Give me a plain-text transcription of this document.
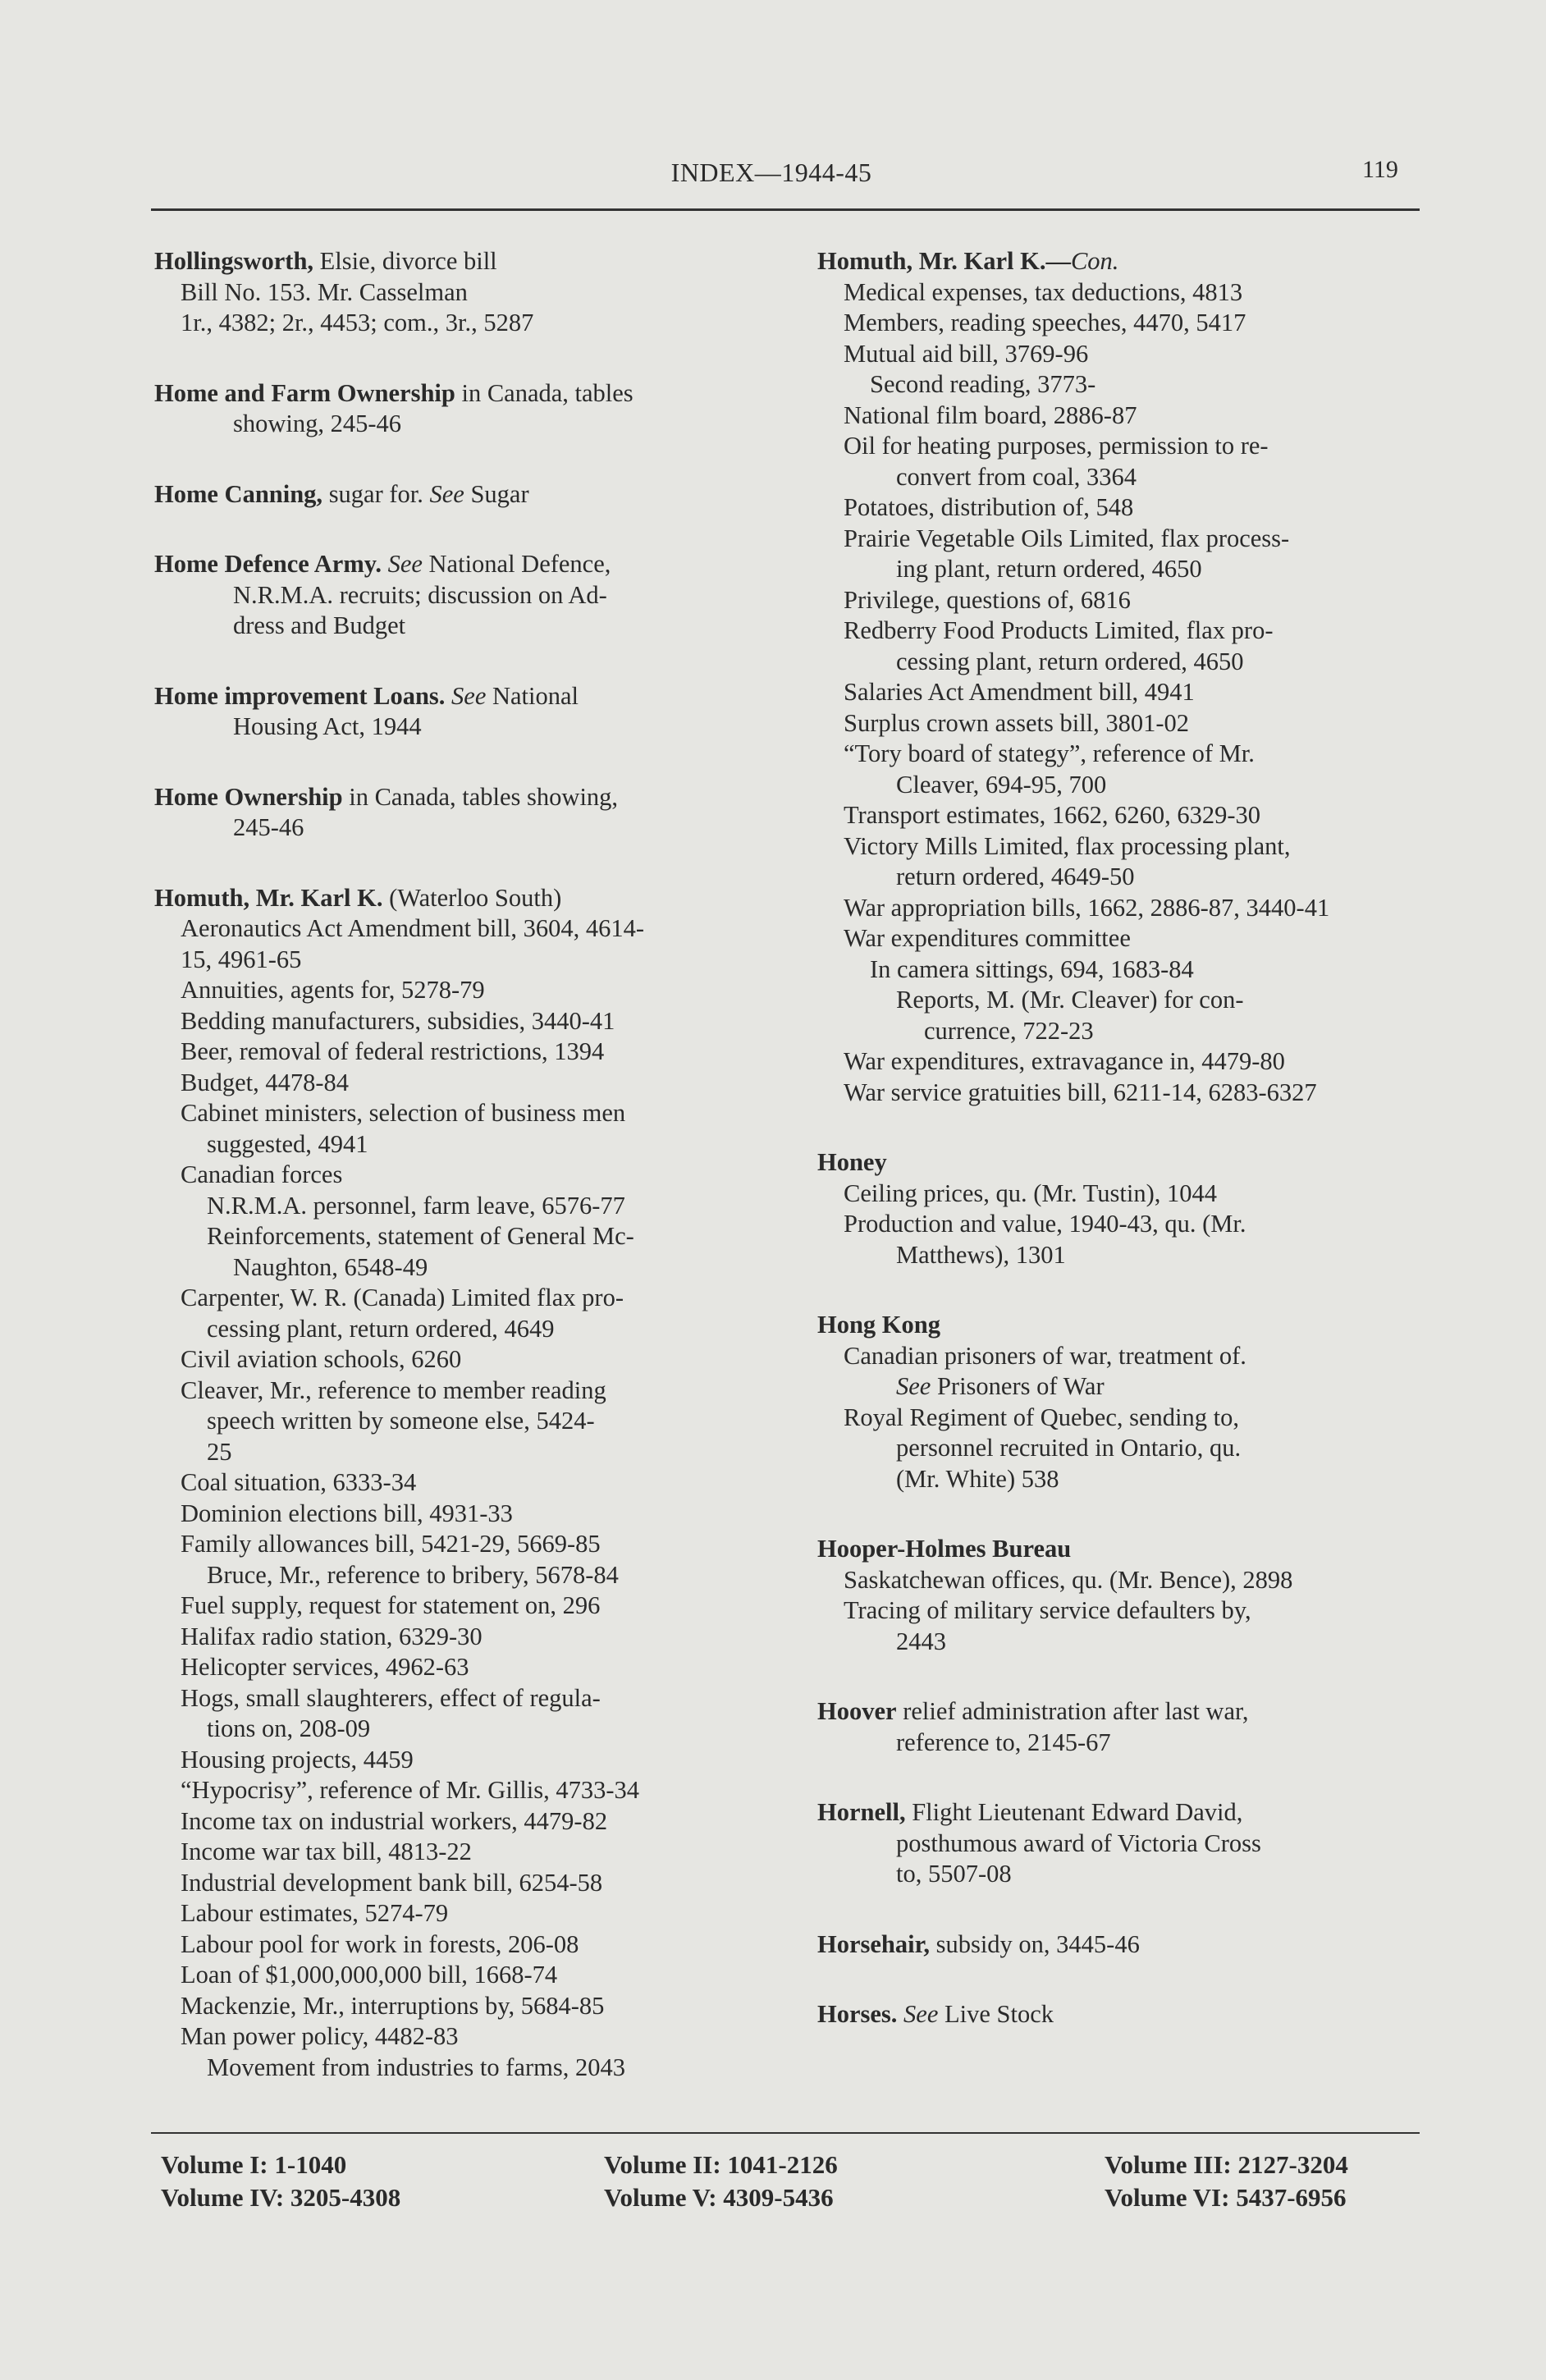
INDEX—1944-45	119
Hollingsworth, Elsie, divorce bill
Bill No. 153. Mr. Casselman
1r., 4382; 2r., 4453; com., 3r., 5287
Home and Farm Ownership in Canada, tables
showing, 245-46
Home Canning, sugar for. See Sugar
Home Defence Army. See National Defence,
N.R.M.A. recruits; discussion on Ad-
dress and Budget
Home improvement Loans. See National
Housing Act, 1944
Home Ownership in Canada, tables showing,
245-46
Homuth, Mr. Karl K. (Waterloo South)
Aeronautics Act Amendment bill, 3604, 4614-
15, 4961-65
Annuities, agents for, 5278-79
Bedding manufacturers, subsidies, 3440-41
Beer, removal of federal restrictions, 1394
Budget, 4478-84
Cabinet ministers, selection of business men
suggested, 4941
Canadian forces
N.R.M.A. personnel, farm leave, 6576-77
Reinforcements, statement of General Mc-
Naughton, 6548-49
Carpenter, W. R. (Canada) Limited flax pro-
cessing plant, return ordered, 4649
Civil aviation schools, 6260
Cleaver, Mr., reference to member reading
speech written by someone else, 5424-
25
Coal situation, 6333-34
Dominion elections bill, 4931-33
Family allowances bill, 5421-29, 5669-85
Bruce, Mr., reference to bribery, 5678-84
Fuel supply, request for statement on, 296
Halifax radio station, 6329-30
Helicopter services, 4962-63
Hogs, small slaughterers, effect of regula-
tions on, 208-09
Housing projects, 4459
“Hypocrisy”, reference of Mr. Gillis, 4733-34
Income tax on industrial workers, 4479-82
Income war tax bill, 4813-22
Industrial development bank bill, 6254-58
Labour estimates, 5274-79
Labour pool for work in forests, 206-08
Loan of $1,000,000,000 bill, 1668-74
Mackenzie, Mr., interruptions by, 5684-85
Man power policy, 4482-83
Movement from industries to farms, 2043
Homuth, Mr. Karl K.—Con.
Medical expenses, tax deductions, 4813
Members, reading speeches, 4470, 5417
Mutual aid bill, 3769-96
Second reading, 3773-
National film board, 2886-87
Oil for heating purposes, permission to re-
convert from coal, 3364
Potatoes, distribution of, 548
Prairie Vegetable Oils Limited, flax process-
ing plant, return ordered, 4650
Privilege, questions of, 6816
Redberry Food Products Limited, flax pro-
cessing plant, return ordered, 4650
Salaries Act Amendment bill, 4941
Surplus crown assets bill, 3801-02
“Tory board of stategy”, reference of Mr.
Cleaver, 694-95, 700
Transport estimates, 1662, 6260, 6329-30
Victory Mills Limited, flax processing plant,
return ordered, 4649-50
War appropriation bills, 1662, 2886-87, 3440-41
War expenditures committee
In camera sittings, 694, 1683-84
Reports, M. (Mr. Cleaver) for con-
currence, 722-23
War expenditures, extravagance in, 4479-80
War service gratuities bill, 6211-14, 6283-6327
Honey
Ceiling prices, qu. (Mr. Tustin), 1044
Production and value, 1940-43, qu. (Mr.
Matthews), 1301
Hong Kong
Canadian prisoners of war, treatment of.
See Prisoners of War
Royal Regiment of Quebec, sending to,
personnel recruited in Ontario, qu.
(Mr. White) 538
Hooper-Holmes Bureau
Saskatchewan offices, qu. (Mr. Bence), 2898
Tracing of military service defaulters by,
2443
Hoover relief administration after last war,
reference to, 2145-67
Hornell, Flight Lieutenant Edward David,
posthumous award of Victoria Cross
to, 5507-08
Horsehair, subsidy on, 3445-46
Horses. See Live Stock
Volume I: 1-1040
Volume IV: 3205-4308
Volume II: 1041-2126
Volume V: 4309-5436
Volume III: 2127-3204
Volume VI: 5437-6956
